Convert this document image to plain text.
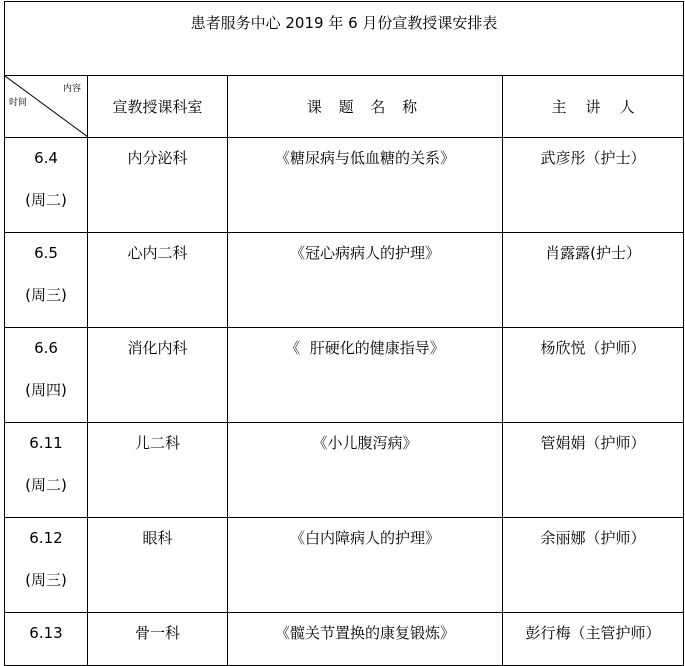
患者服务中心 2019 年 6 月份宣教授课安排表			

内容
时间	宣教授课科室	课 题 名 称	主    讲    人

6.4
(周二)	内分泌科	《糖尿病与低血糖的关系》	武彦彤（护士）

6.5
(周三)	心内二科	《冠心病病人的护理》	肖露露(护士）

6.6
(周四)	消化内科	《  肝硬化的健康指导》	杨欣悦（护师）

6.11
(周二)	儿二科	《小儿腹泻病》	管娟娟（护师）

6.12
(周三)	眼科	《白内障病人的护理》	余丽娜（护师）

6.13	骨一科	《髋关节置换的康复锻炼》	彭行梅（主管护师）
